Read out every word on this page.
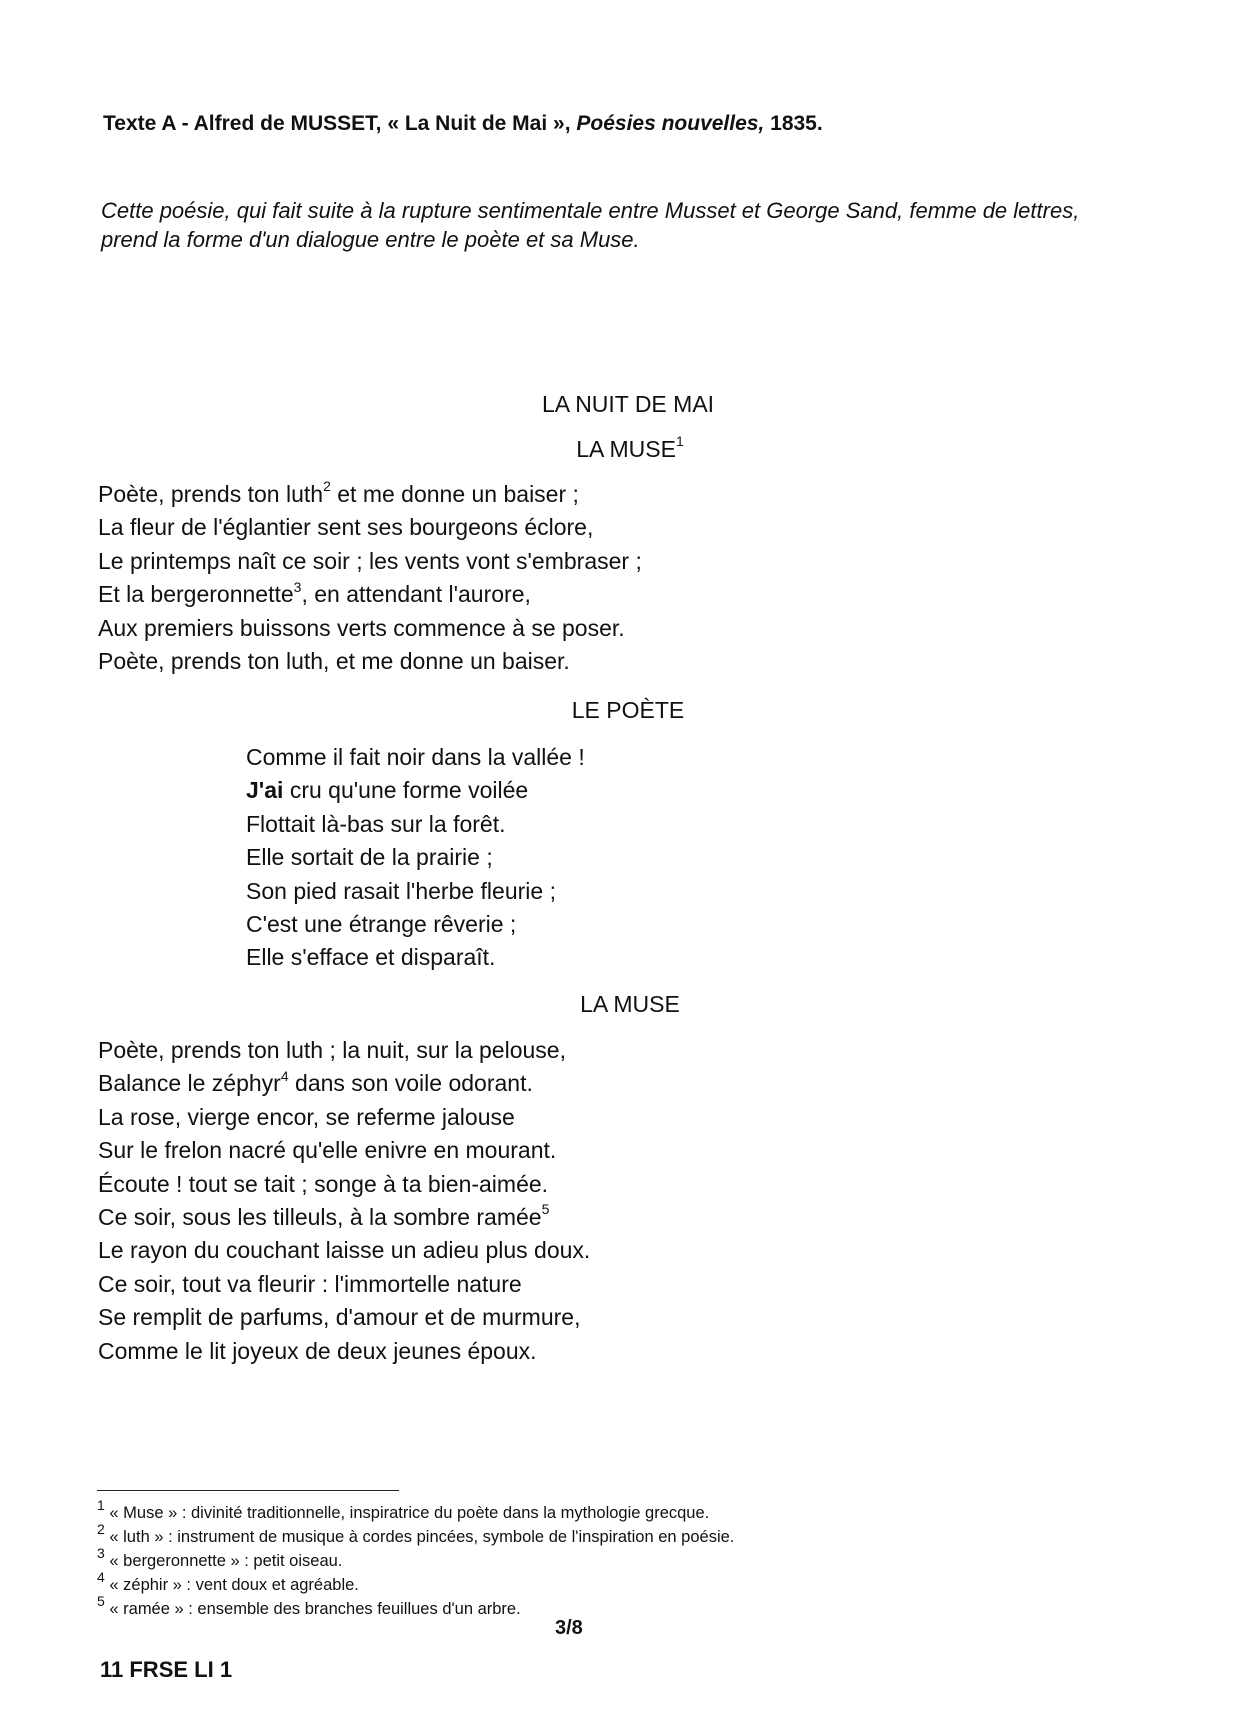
Texte A - Alfred de MUSSET, « La Nuit de Mai », Poésies nouvelles, 1835.
Cette poésie, qui fait suite à la rupture sentimentale entre Musset et George Sand, femme de lettres, prend la forme d'un dialogue entre le poète et sa Muse.
LA NUIT DE MAI
LA MUSE$^1$
Poète, prends ton luth$^2$ et me donne un baiser ;
La fleur de l'églantier sent ses bourgeons éclore,
Le printemps naît ce soir ; les vents vont s'embraser ;
Et la bergeronnette$^3$, en attendant l'aurore,
Aux premiers buissons verts commence à se poser.
Poète, prends ton luth, et me donne un baiser.
LE POÈTE
Comme il fait noir dans la vallée !
J'ai cru qu'une forme voilée
Flottait là-bas sur la forêt.
Elle sortait de la prairie ;
Son pied rasait l'herbe fleurie ;
C'est une étrange rêverie ;
Elle s'efface et disparaît.
LA MUSE
Poète, prends ton luth ; la nuit, sur la pelouse,
Balance le zéphyr$^4$ dans son voile odorant.
La rose, vierge encor, se referme jalouse
Sur le frelon nacré qu'elle enivre en mourant.
Écoute ! tout se tait ; songe à ta bien-aimée.
Ce soir, sous les tilleuls, à la sombre ramée$^5$
Le rayon du couchant laisse un adieu plus doux.
Ce soir, tout va fleurir : l'immortelle nature
Se remplit de parfums, d'amour et de murmure,
Comme le lit joyeux de deux jeunes époux.
$^1$ « Muse » : divinité traditionnelle, inspiratrice du poète dans la mythologie grecque.
$^2$ « luth » : instrument de musique à cordes pincées, symbole de l'inspiration en poésie.
$^3$ « bergeronnette » : petit oiseau.
$^4$ « zéphir » : vent doux et agréable.
$^5$ « ramée » : ensemble des branches feuillues d'un arbre.
3/8
11 FRSE LI 1
